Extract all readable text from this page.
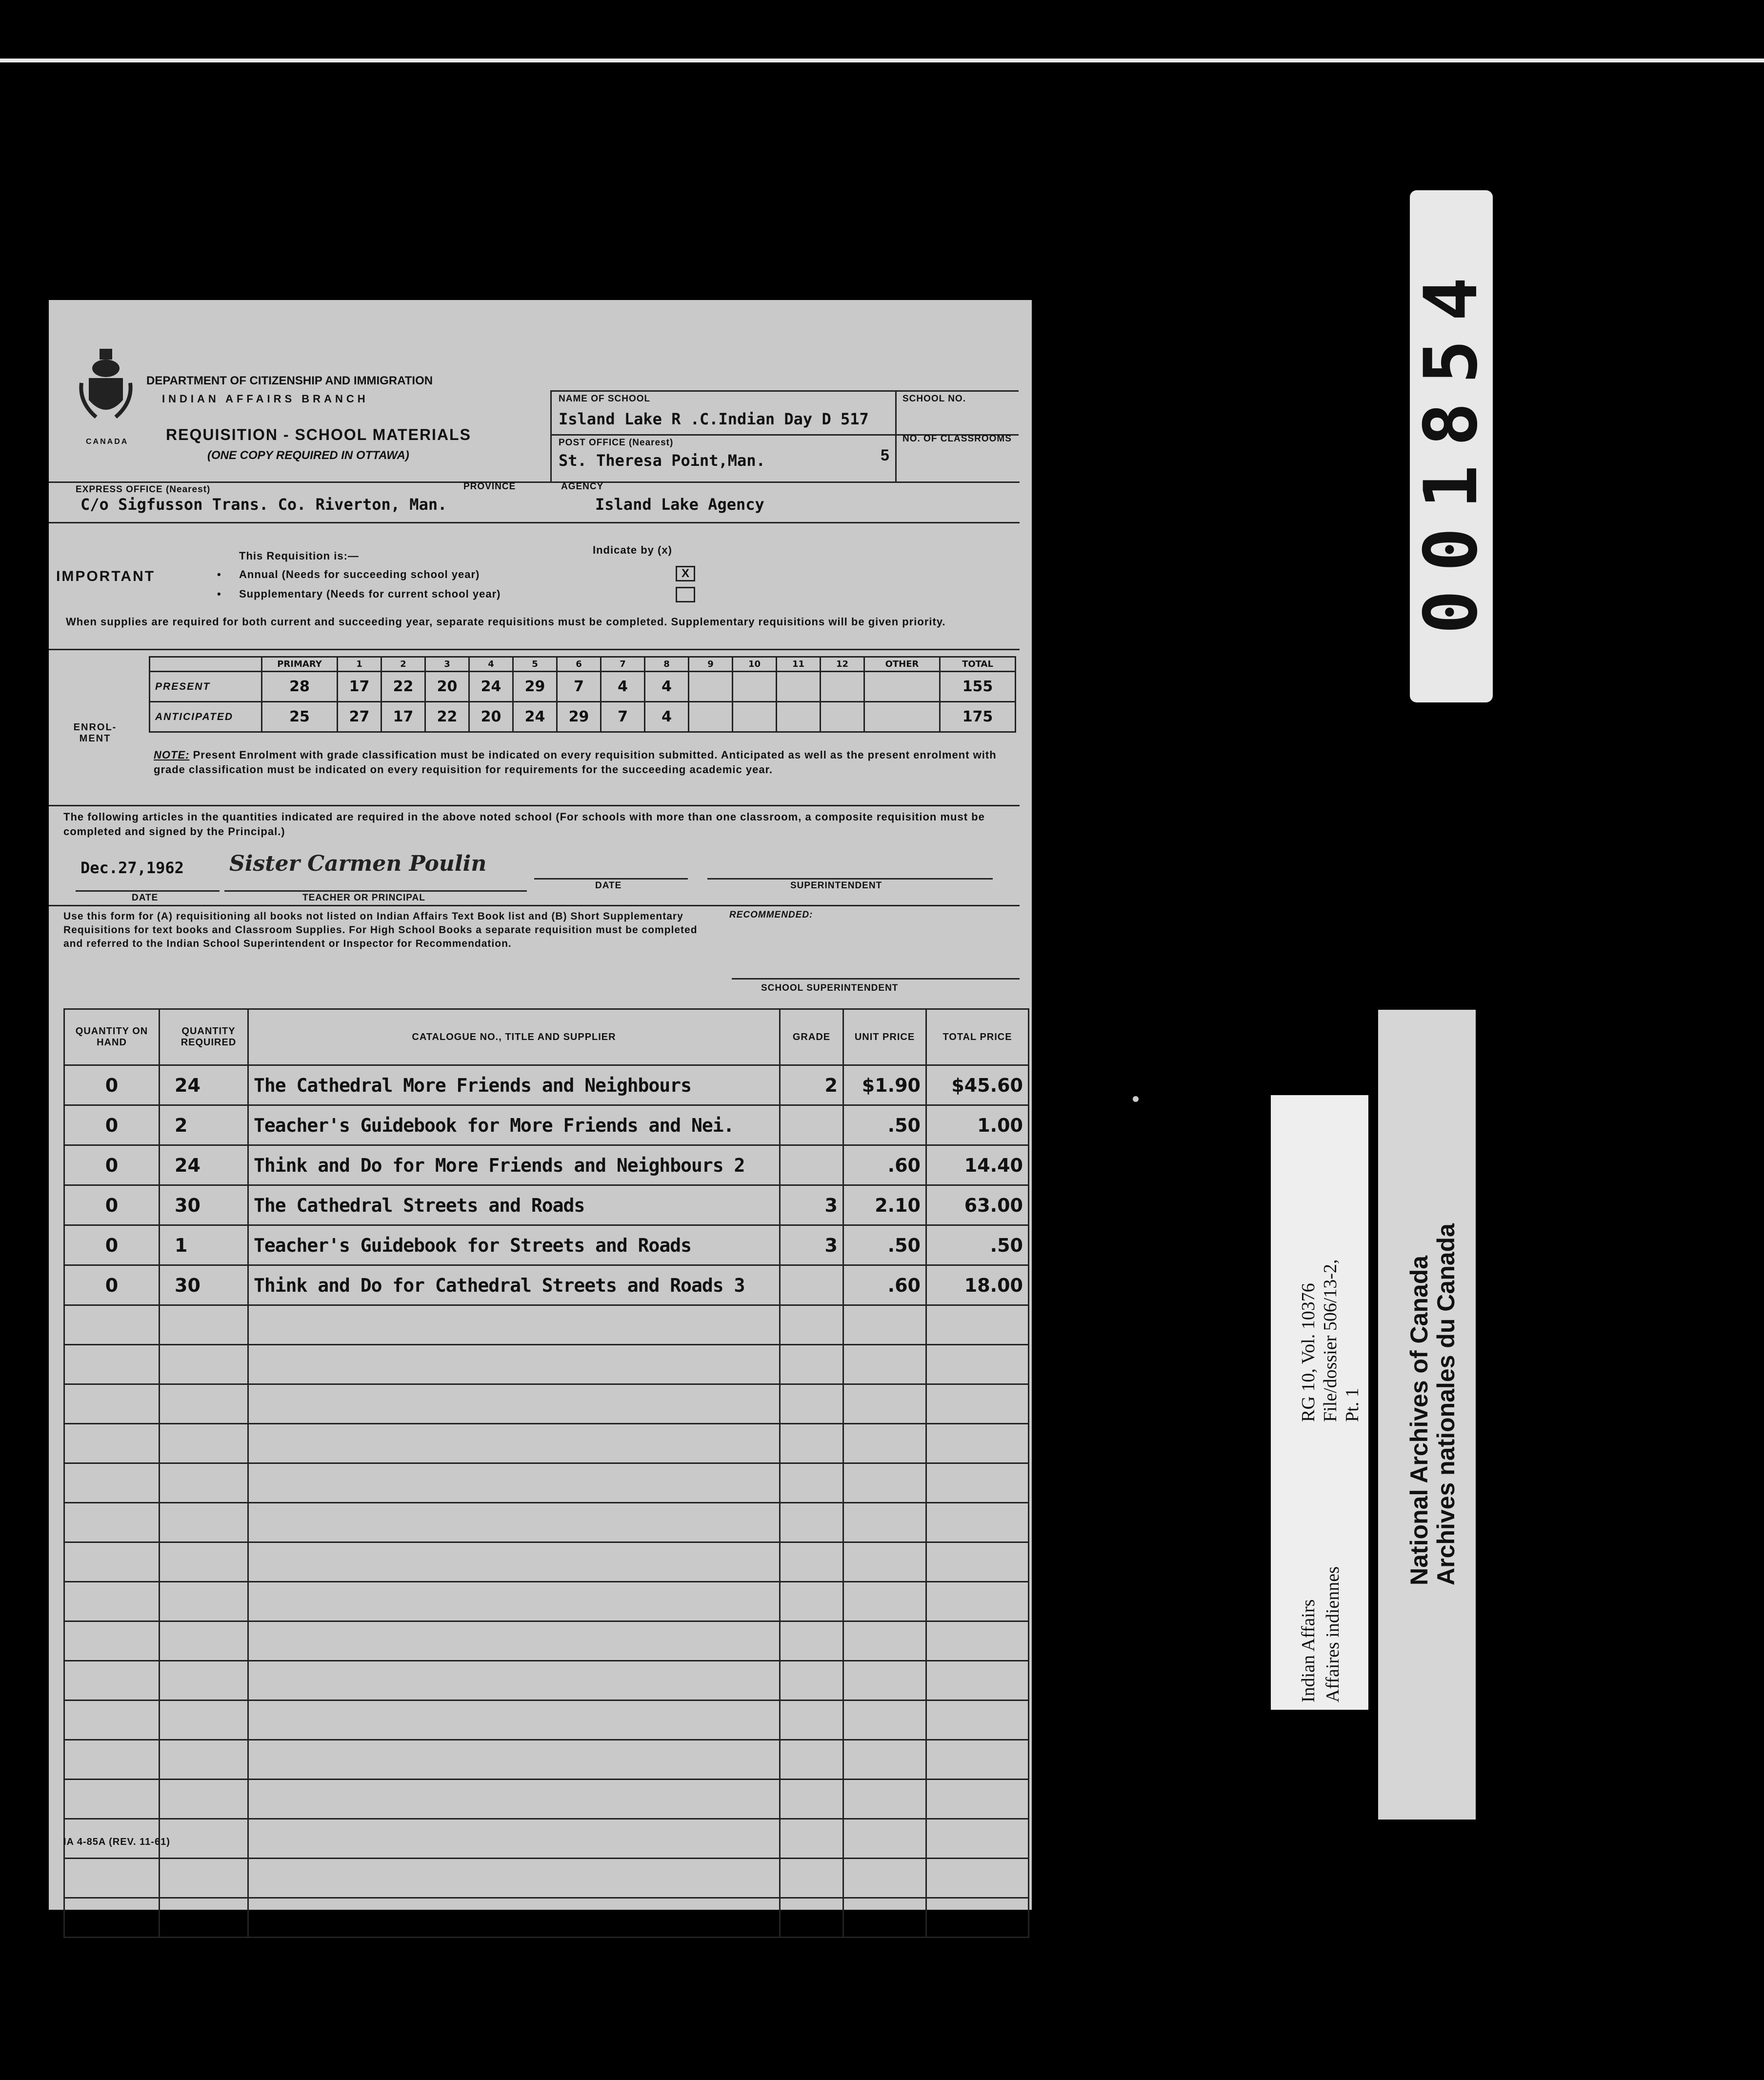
001854
DEPARTMENT OF CITIZENSHIP AND IMMIGRATION
INDIAN AFFAIRS BRANCH
CANADA REQUISITION - SCHOOL MATERIALS
(ONE COPY REQUIRED IN OTTAWA)
NAME OF SCHOOL	SCHOOL NO.
Island Lake R .C.Indian Day D 517
POST OFFICE (Nearest)	NO. OF CLASSROOMS
St. Theresa Point,Man.	5
EXPRESS OFFICE (Nearest)	PROVINCE	AGENCY
C/o Sigfusson Trans. Co. Riverton, Man.	Island Lake Agency
IMPORTANT
This Requisition is:—	Indicate by (x)
• Annual (Needs for succeeding school year)
• Supplementary (Needs for current school year)
X
When supplies are required for both current and succeeding year, separate requisitions must be completed. Supplementary requisitions will be given priority.
ENROL-MENT
	PRIMARY	1	2	3	4	5	6	7	8	9	10	11	12	OTHER	TOTAL
PRESENT	28	17	22	20	24	29	7	4	4						155
ANTICIPATED	25	27	17	22	20	24	29	7	4						175
NOTE: Present Enrolment with grade classification must be indicated on every requisition submitted. Anticipated as well as the present enrolment with grade classification must be indicated on every requisition for requirements for the succeeding academic year.
The following articles in the quantities indicated are required in the above noted school (For schools with more than one classroom, a composite requisition must be completed and signed by the Principal.)
Dec.27,1962
DATE
Sister Carmen Poulin
TEACHER OR PRINCIPAL
DATE	SUPERINTENDENT
Use this form for (A) requisitioning all books not listed on Indian Affairs Text Book list and (B) Short Supplementary Requisitions for text books and Classroom Supplies. For High School Books a separate requisition must be completed and referred to the Indian School Superintendent or Inspector for Recommendation.
RECOMMENDED:
SCHOOL SUPERINTENDENT
QUANTITY ON HAND	QUANTITY REQUIRED	CATALOGUE NO., TITLE AND SUPPLIER	GRADE	UNIT PRICE	TOTAL PRICE
0	24	The Cathedral More Friends and Neighbours	2	$1.90	$45.60
0	2	Teacher's Guidebook for More Friends and Nei.		.50	1.00
0	24	Think and Do for More Friends and Neighbours 2		.60	14.40
0	30	The Cathedral Streets and Roads	3	2.10	63.00
0	1	Teacher's Guidebook for Streets and Roads	3	.50	.50
0	30	Think and Do for Cathedral Streets and Roads 3		.60	18.00

IA 4-85A (REV. 11-61)
Indian Affairs Affaires indiennes
RG 10, Vol. 10376 File/dossier 506/13-2, Pt. 1 National Archives of Canada Archives nationales du Canada
